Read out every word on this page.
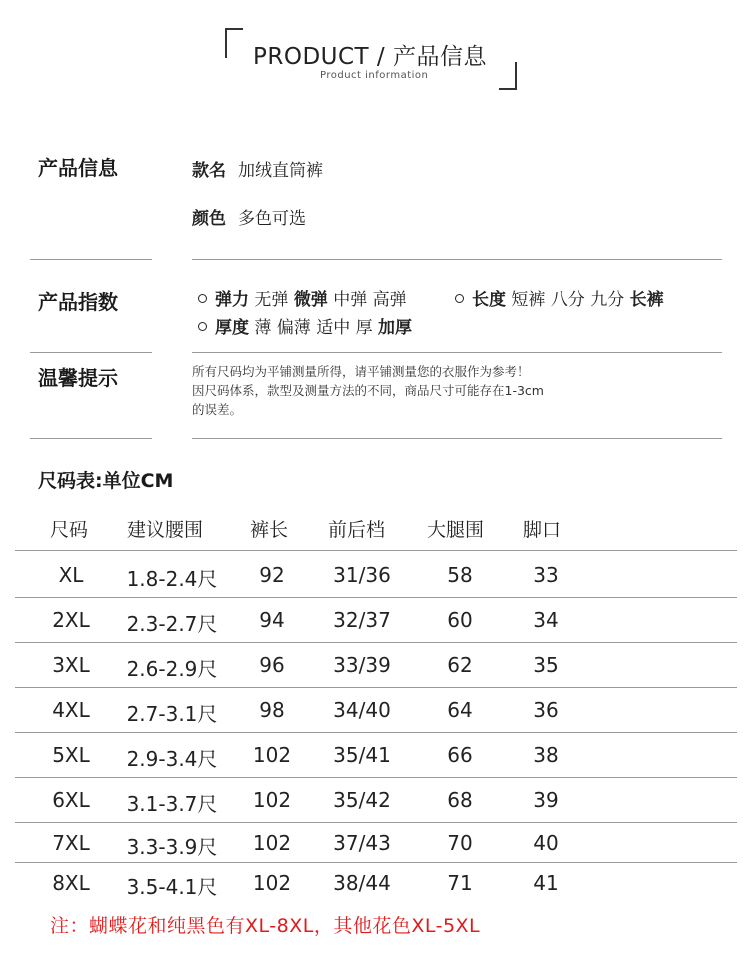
PRODUCT / 产品信息
Product information
产品信息	款名 加绒直筒裤
颜色 多色可选
产品指数	弹力 无弹 微弹 中弹 高弹	长度 短裤 八分 九分 长裤
厚度 薄 偏薄 适中 厚 加厚
温馨提示	所有尺码均为平铺测量所得，请平铺测量您的衣服作为参考！
因尺码体系，款型及测量方法的不同，商品尺寸可能存在1-3cm
的误差。
尺码表:单位CM
尺码 建议腰围 裤长 前后档 大腿围 脚口
XL	1.8-2.4尺	92	31/36	58	33
2XL	2.3-2.7尺	94	32/37	60	34
3XL	2.6-2.9尺	96	33/39	62	35
4XL	2.7-3.1尺	98	34/40	64	36
5XL	2.9-3.4尺	102	35/41	66	38
6XL	3.1-3.7尺	102	35/42	68	39
7XL	3.3-3.9尺	102	37/43	70	40
8XL	3.5-4.1尺	102	38/44	71	41
注：蝴蝶花和纯黑色有XL-8XL，其他花色XL-5XL
